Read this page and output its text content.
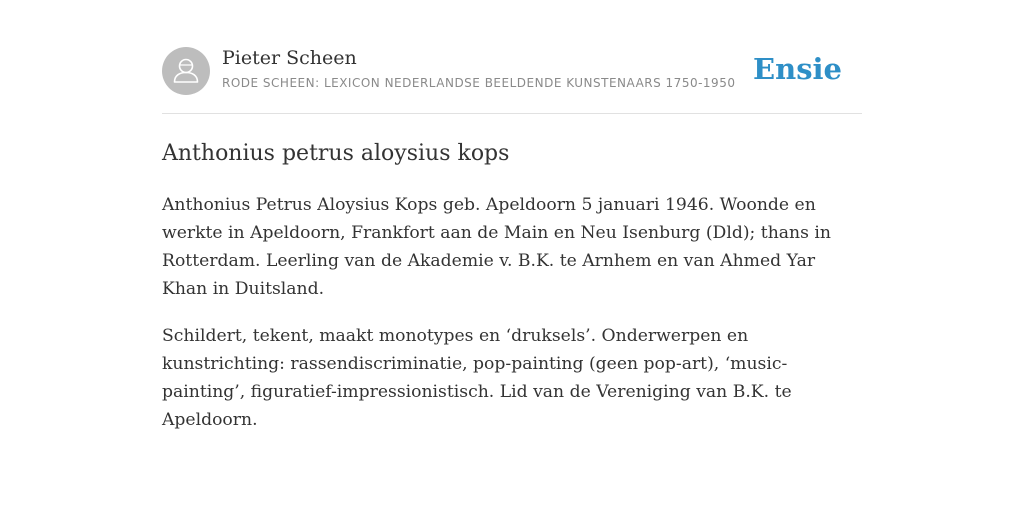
Pieter Scheen
RODE SCHEEN: LEXICON NEDERLANDSE BEELDENDE KUNSTENAARS 1750-1950 Ensie
Anthonius petrus aloysius kops

Anthonius Petrus Aloysius Kops geb. Apeldoorn 5 januari 1946. Woonde en werkte in Apeldoorn, Frankfort aan de Main en Neu Isenburg (Dld); thans in Rotterdam. Leerling van de Akademie v. B.K. te Arnhem en van Ahmed Yar Khan in Duitsland.

Schildert, tekent, maakt monotypes en ‘druksels’. Onderwerpen en kunstrichting: rassendiscriminatie, pop-painting (geen pop-art), ‘music-painting’, figuratief-impressionistisch. Lid van de Vereniging van B.K. te Apeldoorn.
